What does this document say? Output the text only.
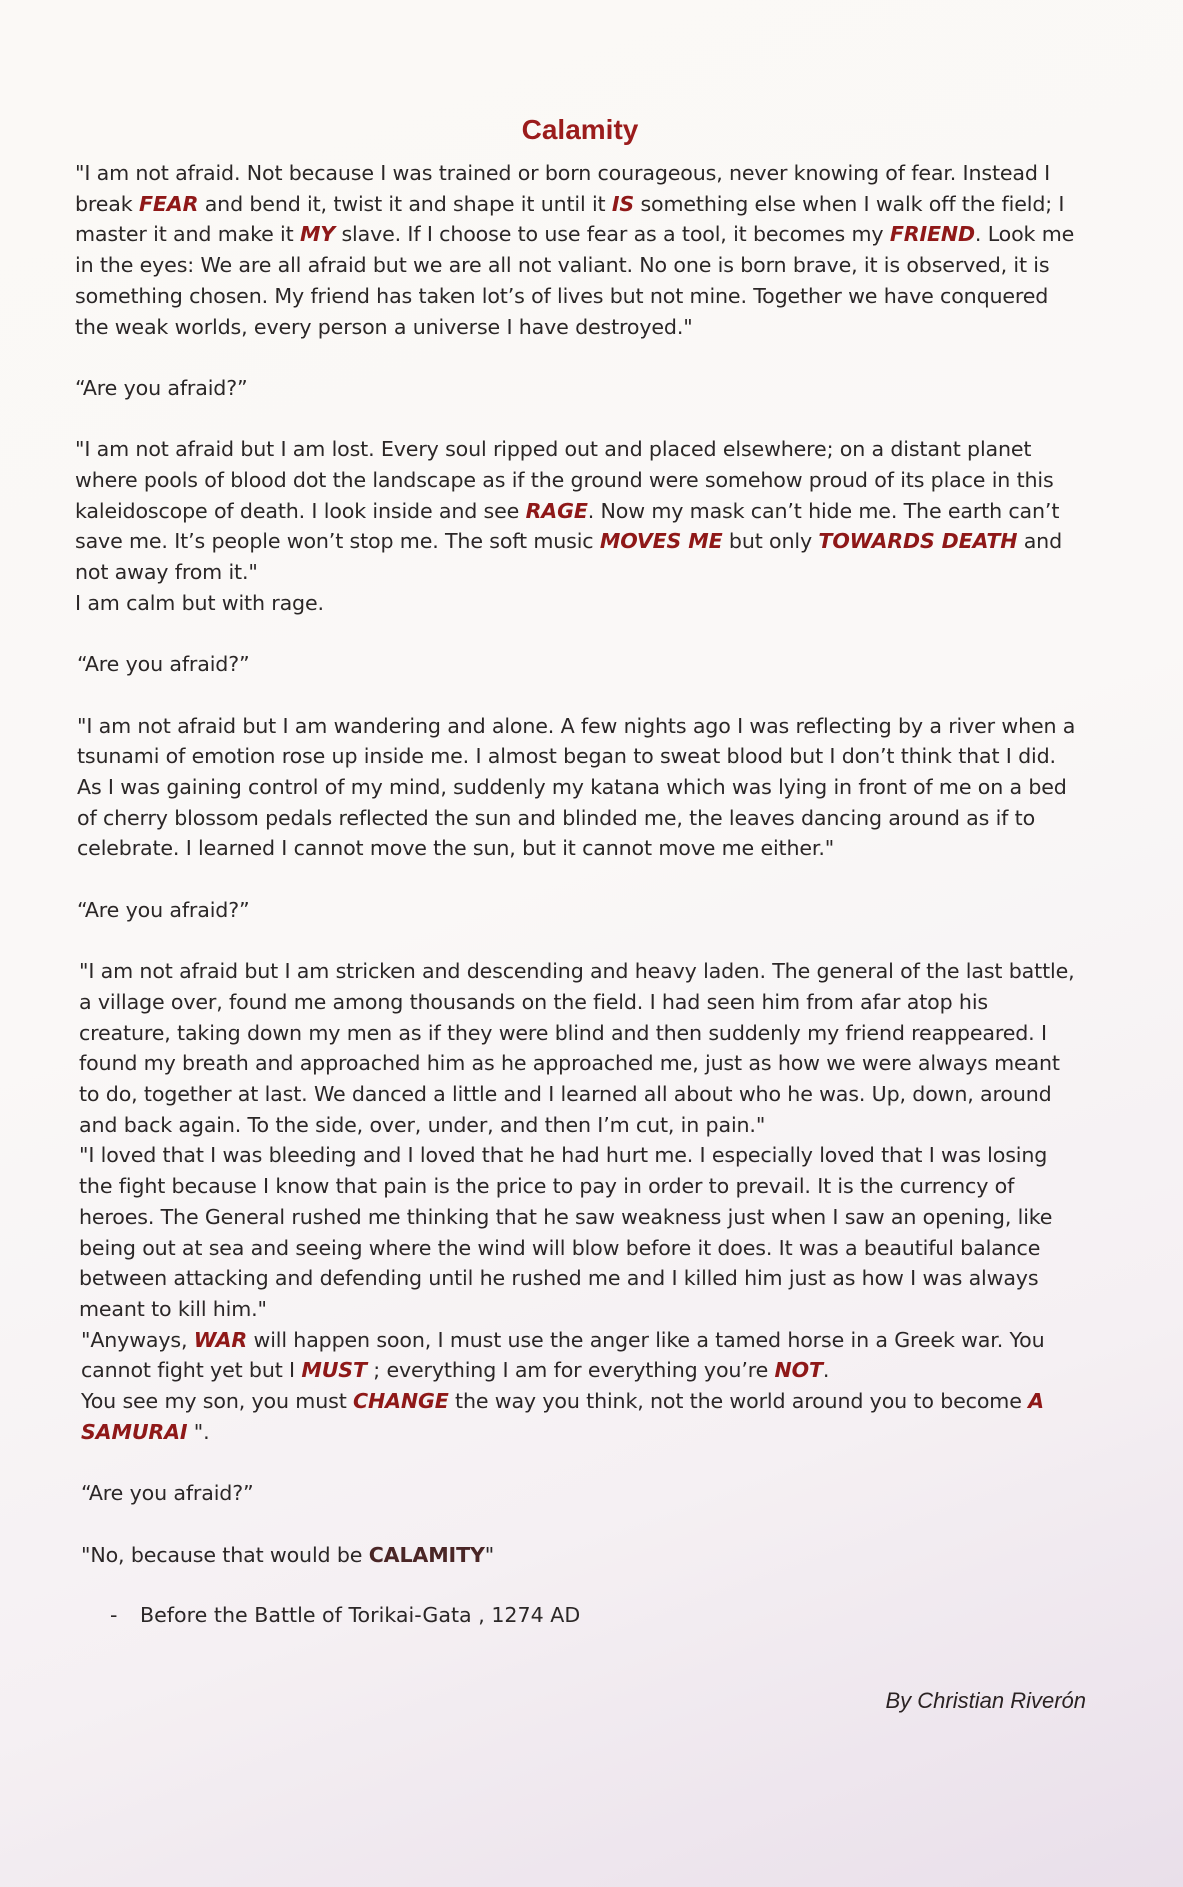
Calamity

"I am not afraid. Not because I was trained or born courageous, never knowing of fear. Instead I break FEAR and bend it, twist it and shape it until it IS something else when I walk off the field; I master it and make it MY slave. If I choose to use fear as a tool, it becomes my FRIEND. Look me in the eyes: We are all afraid but we are all not valiant. No one is born brave, it is observed, it is something chosen. My friend has taken lot’s of lives but not mine. Together we have conquered the weak worlds, every person a universe I have destroyed."

“Are you afraid?”

"I am not afraid but I am lost. Every soul ripped out and placed elsewhere; on a distant planet where pools of blood dot the landscape as if the ground were somehow proud of its place in this kaleidoscope of death. I look inside and see RAGE. Now my mask can’t hide me. The earth can’t save me. It’s people won’t stop me. The soft music MOVES ME but only TOWARDS DEATH and not away from it."

I am calm but with rage.

“Are you afraid?”

"I am not afraid but I am wandering and alone. A few nights ago I was reflecting by a river when a tsunami of emotion rose up inside me. I almost began to sweat blood but I don’t think that I did. As I was gaining control of my mind, suddenly my katana which was lying in front of me on a bed of cherry blossom pedals reflected the sun and blinded me, the leaves dancing around as if to celebrate. I learned I cannot move the sun, but it cannot move me either."

“Are you afraid?”

"I am not afraid but I am stricken and descending and heavy laden. The general of the last battle, a village over, found me among thousands on the field. I had seen him from afar atop his creature, taking down my men as if they were blind and then suddenly my friend reappeared. I found my breath and approached him as he approached me, just as how we were always meant to do, together at last. We danced a little and I learned all about who he was. Up, down, around and back again. To the side, over, under, and then I’m cut, in pain."

"I loved that I was bleeding and I loved that he had hurt me. I especially loved that I was losing the fight because I know that pain is the price to pay in order to prevail. It is the currency of heroes. The General rushed me thinking that he saw weakness just when I saw an opening, like being out at sea and seeing where the wind will blow before it does. It was a beautiful balance between attacking and defending until he rushed me and I killed him just as how I was always meant to kill him."

"Anyways, WAR will happen soon, I must use the anger like a tamed horse in a Greek war. You cannot fight yet but I MUST ; everything I am for everything you’re NOT.

You see my son, you must CHANGE the way you think, not the world around you to become A SAMURAI ".

“Are you afraid?”

"No, because that would be CALAMITY"

- Before the Battle of Torikai-Gata , 1274 AD
By Christian Riverón
